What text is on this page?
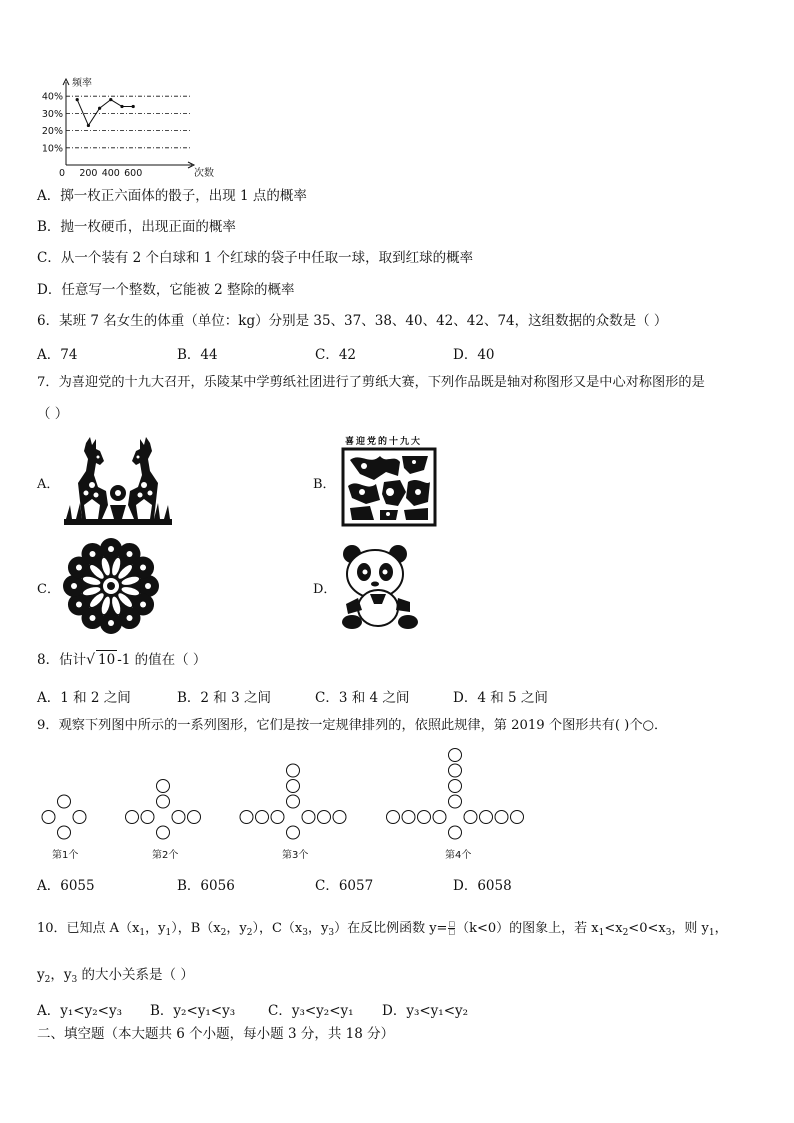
10%
20%
30%
40%
0 200 400 600
频率
次数
A．掷一枚正六面体的骰子，出现 1 点的概率
B．抛一枚硬币，出现正面的概率
C．从一个装有 2 个白球和 1 个红球的袋子中任取一球，取到红球的概率
D．任意写一个整数，它能被 2 整除的概率
6．某班 7 名女生的体重（单位：kg）分别是 35、37、38、40、42、42、74，这组数据的众数是（ ）
A．74	B．44	C．42	D．40
7．为喜迎党的十九大召开，乐陵某中学剪纸社团进行了剪纸大赛，下列作品既是轴对称图形又是中心对称图形的是
（ ）
A．	B．
喜迎党的十九大
C．	D．
8．估计√ 10 -1 的值在（ ）
A．1 和 2 之间	B．2 和 3 之间	C．3 和 4 之间	D．4 和 5 之间
9．观察下列图中所示的一系列图形，它们是按一定规律排列的，依照此规律，第 2019 个图形共有( )个○．
第1个	第2个	第3个	第4个
A．6055	B．6056	C．6057	D．6058
10．已知点 $A(x_1$，$y_1$），$B(x_2$，$y_2$），$C(x_3$，$y_3$）在反比例函数 $y= \frac{□}{□} (k<0)$的图象上，若 $x_1<x_2<0<x_3$，则 $y_1$，
$y_2$，$y_3$ 的大小关系是（ ）
A．y₁<y₂<y₃ B．y₂<y₁<y₃ C．y₃<y₂<y₁ D．y₃<y₁<y₂
二、填空题（本大题共 6 个小题，每小题 3 分，共 18 分）
